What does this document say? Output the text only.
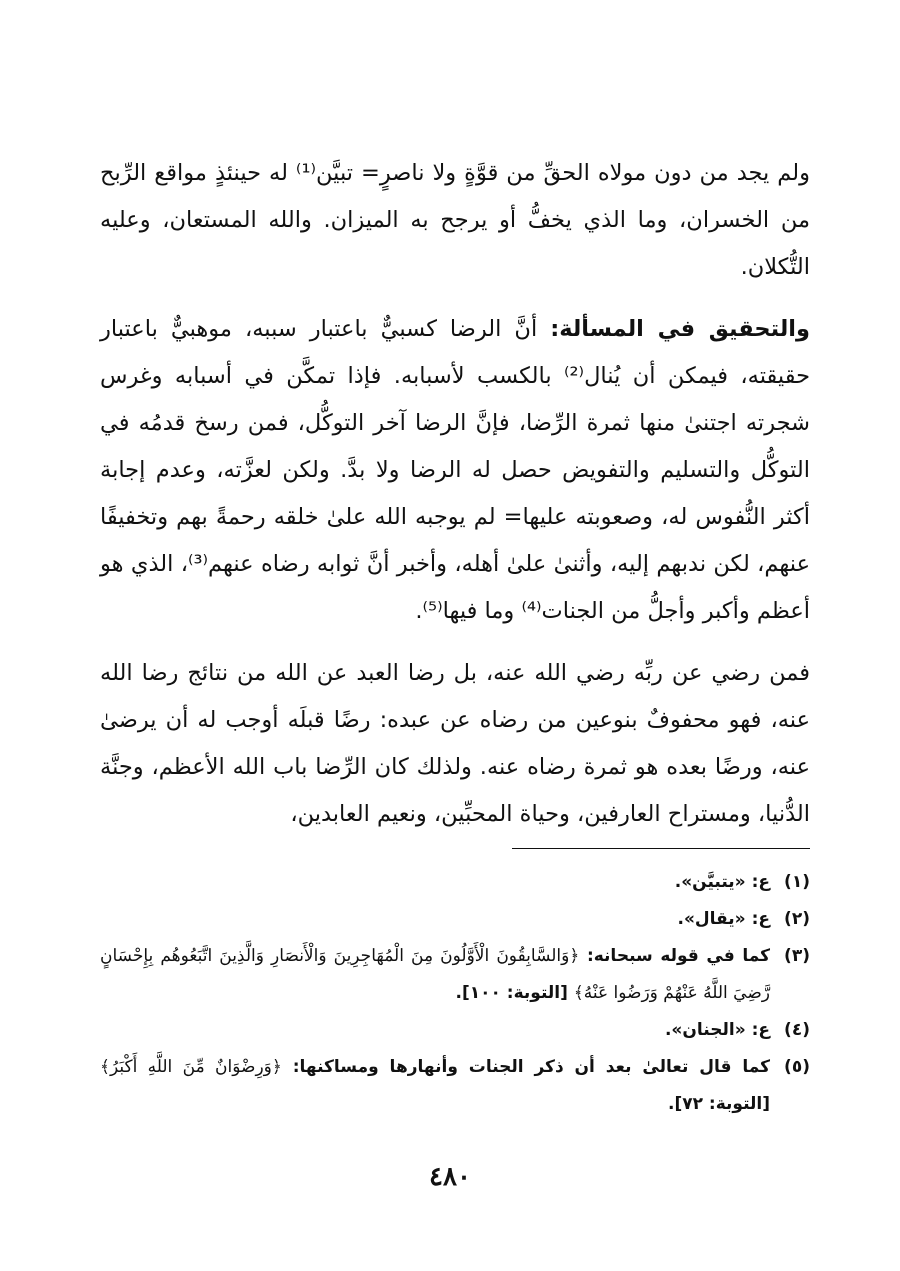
ولم يجد من دون مولاه الحقِّ من قوَّةٍ ولا ناصرٍ= تبيَّن⁽¹⁾ له حينئذٍ مواقع الرِّبح من الخسران، وما الذي يخفُّ أو يرجح به الميزان. والله المستعان، وعليه التُّكلان.

والتحقيق في المسألة: أنَّ الرضا كسبيٌّ باعتبار سببه، موهبيٌّ باعتبار حقيقته، فيمكن أن يُنال⁽²⁾ بالكسب لأسبابه. فإذا تمكَّن في أسبابه وغرس شجرته اجتنىٰ منها ثمرة الرِّضا، فإنَّ الرضا آخر التوكُّل، فمن رسخ قدمُه في التوكُّل والتسليم والتفويض حصل له الرضا ولا بدَّ. ولكن لعزَّته، وعدم إجابة أكثر النُّفوس له، وصعوبته عليها= لم يوجبه الله علىٰ خلقه رحمةً بهم وتخفيفًا عنهم، لكن ندبهم إليه، وأثنىٰ علىٰ أهله، وأخبر أنَّ ثوابه رضاه عنهم⁽³⁾، الذي هو أعظم وأكبر وأجلُّ من الجنات⁽⁴⁾ وما فيها⁽⁵⁾.

فمن رضي عن ربِّه رضي الله عنه، بل رضا العبد عن الله من نتائج رضا الله عنه، فهو محفوفٌ بنوعين من رضاه عن عبده: رضًا قبلَه أوجب له أن يرضىٰ عنه، ورضًا بعده هو ثمرة رضاه عنه. ولذلك كان الرِّضا باب الله الأعظم، وجنَّة الدُّنيا، ومستراح العارفين، وحياة المحبِّين، ونعيم العابدين،

(١)
ع: «يتبيَّن».
(٢)
ع: «يقال».
(٣)
كما في قوله سبحانه: ﴿وَالسَّابِقُونَ الْأَوَّلُونَ مِنَ الْمُهَاجِرِينَ وَالْأَنصَارِ وَالَّذِينَ اتَّبَعُوهُم بِإِحْسَانٍ رَّضِيَ اللَّهُ عَنْهُمْ وَرَضُوا عَنْهُ﴾ [التوبة: ١٠٠].
(٤)
ع: «الجنان».
(٥)
كما قال تعالىٰ بعد أن ذكر الجنات وأنهارها ومساكنها: ﴿وَرِضْوَانٌ مِّنَ اللَّهِ أَكْبَرُ﴾ [التوبة: ٧٢].
٤٨٠
